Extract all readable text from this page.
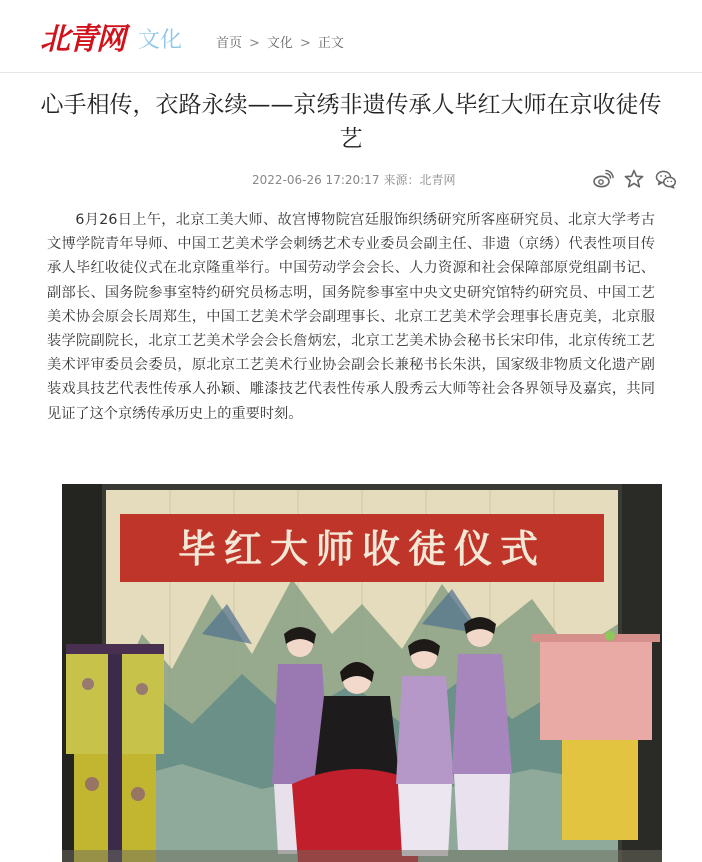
北青网 文化	首页 > 文化 > 正文
心手相传，衣路永续——京绣非遗传承人毕红大师在京收徒传艺
2022-06-26 17:20:17 来源：北青网

6月26日上午，北京工美大师、故宫博物院宫廷服饰织绣研究所客座研究员、北京大学考古文博学院青年导师、中国工艺美术学会刺绣艺术专业委员会副主任、非遗（京绣）代表性项目传承人毕红收徒仪式在北京隆重举行。中国劳动学会会长、人力资源和社会保障部原党组副书记、副部长、国务院参事室特约研究员杨志明，国务院参事室中央文史研究馆特约研究员、中国工艺美术协会原会长周郑生，中国工艺美术学会副理事长、北京工艺美术学会理事长唐克美，北京服装学院副院长，北京工艺美术学会会长詹炳宏，北京工艺美术协会秘书长宋印伟，北京传统工艺美术评审委员会委员，原北京工艺美术行业协会副会长兼秘书长朱洪，国家级非物质文化遗产剧装戏具技艺代表性传承人孙颖、雕漆技艺代表性传承人殷秀云大师等社会各界领导及嘉宾，共同见证了这个京绣传承历史上的重要时刻。

毕红大师收徒仪式
